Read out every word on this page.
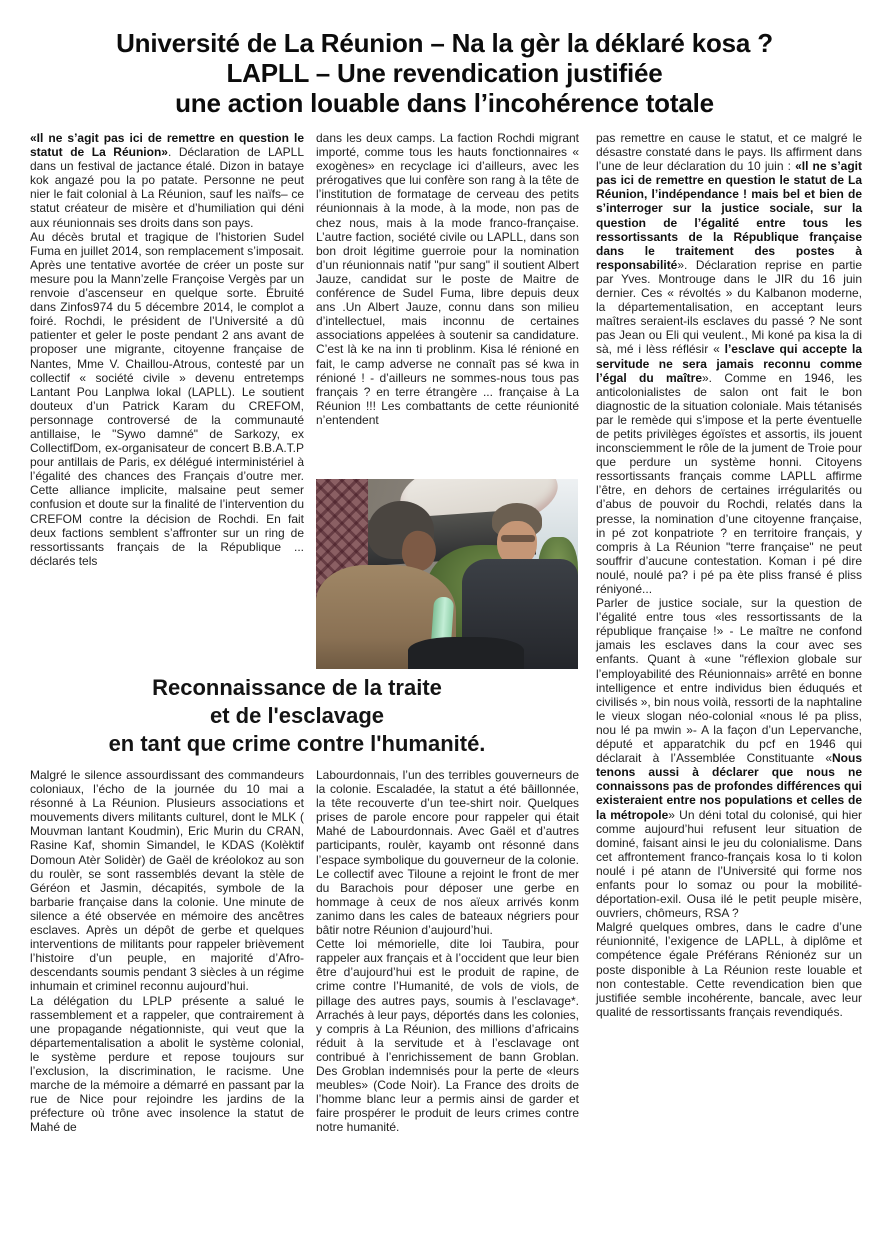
Université de La Réunion – Na la gèr la déklaré kosa ?
LAPLL – Une revendication justifiée
une action louable dans l’incohérence totale

«Il ne s’agit pas ici de remettre en question le statut de La Réunion». Déclaration de LAPLL dans un festival de jactance étalé. Dizon in bataye kok angazé pou la po patate. Personne ne peut nier le fait colonial à La Réunion, sauf les naïfs– ce statut créateur de misère et d’humiliation qui déni aux réunionnais ses droits dans son pays.

Au décès brutal et tragique de l’historien Sudel Fuma en juillet 2014, son remplacement s’imposait. Après une tentative avortée de créer un poste sur mesure pou la Mann’zelle Françoise Vergès par un renvoie d’ascenseur en quelque sorte. Ébruité dans Zinfos974 du 5 décembre 2014, le complot a foiré. Rochdi, le président de l’Université a dû patienter et geler le poste pendant 2 ans avant de proposer une migrante, citoyenne française de Nantes, Mme V. Chaillou-Atrous, contesté par un collectif « société civile » devenu entretemps Lantant Pou Lanplwa lokal (LAPLL). Le soutient douteux d’un Patrick Karam du CREFOM, personnage controversé de la communauté antillaise, le "Sywo damné" de Sarkozy, ex CollectifDom, ex-organisateur de concert B.B.A.T.P pour antillais de Paris, ex délégué interministériel à l’égalité des chances des Français d’outre mer. Cette alliance implicite, malsaine peut semer confusion et doute sur la finalité de l’intervention du CREFOM contre la décision de Rochdi. En fait deux factions semblent s’affronter sur un ring de ressortissants français de la République ... déclarés tels

dans les deux camps. La faction Rochdi migrant importé, comme tous les hauts fonctionnaires « exogènes» en recyclage ici d’ailleurs, avec les prérogatives que lui confère son rang à la tête de l’institution de formatage de cerveau des petits réunionnais à la mode, à la mode, non pas de chez nous, mais à la mode franco-française. L’autre faction, société civile ou LAPLL, dans son bon droit légitime guerroie pour la nomination d’un réunionnais natif "pur sang" il soutient Albert Jauze, candidat sur le poste de Maitre de conférence de Sudel Fuma, libre depuis deux ans .Un Albert Jauze, connu dans son milieu d’intellectuel, mais inconnu de certaines associations appelées à soutenir sa candidature. C’est là ke na inn ti problinm. Kisa lé rénioné en fait, le camp adverse ne connaît pas sé kwa in rénioné ! - d’ailleurs ne sommes-nous tous pas français ? en terre étrangère ... française à La Réunion !!! Les combattants de cette réunionité n’entendent

pas remettre en cause le statut, et ce malgré le désastre constaté dans le pays. Ils affirment dans l’une de leur déclaration du 10 juin : «Il ne s’agit pas ici de remettre en question le statut de La Réunion, l’indépendance ! mais bel et bien de s’interroger sur la justice sociale, sur la question de l’égalité entre tous les ressortissants de la République française dans le traitement des postes à responsabilité». Déclaration reprise en partie par Yves. Montrouge dans le JIR du 16 juin dernier. Ces « révoltés » du Kalbanon moderne, la départementalisation, en acceptant leurs maîtres seraient-ils esclaves du passé ? Ne sont pas Jean ou Eli qui veulent., Mi koné pa kisa la di sà, mé i lèss réflésir « l’esclave qui accepte la servitude ne sera jamais reconnu comme l’égal du maître». Comme en 1946, les anticolonialistes de salon ont fait le bon diagnostic de la situation coloniale. Mais tétanisés par le remède qui s’impose et la perte éventuelle de petits privilèges égoïstes et assortis, ils jouent inconsciemment le rôle de la jument de Troie pour que perdure un système honni. Citoyens ressortissants français comme LAPLL affirme l’être, en dehors de certaines irrégularités ou d’abus de pouvoir du Rochdi, relatés dans la presse, la nomination d’une citoyenne française, in pé zot konpatriote ? en territoire français, y compris à La Réunion "terre française" ne peut souffrir d’aucune contestation. Koman i pé dire noulé, noulé pa? i pé pa ète pliss fransé é pliss réniyoné...

Parler de justice sociale, sur la question de l’égalité entre tous «les ressortissants de la république française !» - Le maître ne confond jamais les esclaves dans la cour avec ses enfants. Quant à «une "réflexion globale sur l’employabilité des Réunionnais» arrêté en bonne intelligence et entre individus bien éduqués et civilisés », bin nous voilà, ressorti de la naphtaline le vieux slogan néo-colonial «nous lé pa pliss, nou lé pa mwin »- A la façon d’un Lepervanche, député et apparatchik du pcf en 1946 qui déclarait à l’Assemblée Constituante «Nous tenons aussi à déclarer que nous ne connaissons pas de profondes différences qui existeraient entre nos populations et celles de la métropole» Un déni total du colonisé, qui hier comme aujourd’hui refusent leur situation de dominé, faisant ainsi le jeu du colonialisme. Dans cet affrontement franco-français kosa lo ti kolon noulé i pé atann de l’Université qui forme nos enfants pour lo somaz ou pour la mobilité-déportation-exil. Ousa ilé le petit peuple misère, ouvriers, chômeurs, RSA ?

Malgré quelques ombres, dans le cadre d’une réunionnité, l’exigence de LAPLL, à diplôme et compétence égale Préférans Rénionéz sur un poste disponible à La Réunion reste louable et non contestable. Cette revendication bien que justifiée semble incohérente, bancale, avec leur qualité de ressortissants français revendiqués.

Reconnaissance de la traite
et de l'esclavage
en tant que crime contre l'humanité.

Malgré le silence assourdissant des commandeurs coloniaux, l’écho de la journée du 10 mai a résonné à La Réunion. Plusieurs associations et mouvements divers militants culturel, dont le MLK ( Mouvman lantant Koudmin), Eric Murin du CRAN, Rasine Kaf, shomin Simandel, le KDAS (Kolèktif Domoun Atèr Solidèr) de Gaël de kréolokoz au son du roulèr, se sont rassemblés devant la stèle de Géréon et Jasmin, décapités, symbole de la barbarie française dans la colonie. Une minute de silence a été observée en mémoire des ancêtres esclaves. Après un dépôt de gerbe et quelques interventions de militants pour rappeler brièvement l’histoire d’un peuple, en majorité d’Afro-descendants soumis pendant 3 siècles à un régime inhumain et criminel reconnu aujourd’hui.

La délégation du LPLP présente a salué le rassemblement et a rappeler, que contrairement à une propagande négationniste, qui veut que la départementalisation a abolit le système colonial, le système perdure et repose toujours sur l’exclusion, la discrimination, le racisme. Une marche de la mémoire a démarré en passant par la rue de Nice pour rejoindre les jardins de la préfecture où trône avec insolence la statut de Mahé de

Labourdonnais, l’un des terribles gouverneurs de la colonie. Escaladée, la statut a été bâillonnée, la tête recouverte d’un tee-shirt noir. Quelques prises de parole encore pour rappeler qui était Mahé de Labourdonnais. Avec Gaël et d’autres participants, roulèr, kayamb ont résonné dans l’espace symbolique du gouverneur de la colonie. Le collectif avec Tiloune a rejoint le front de mer du Barachois pour déposer une gerbe en hommage à ceux de nos aïeux arrivés konm zanimo dans les cales de bateaux négriers pour bâtir notre Réunion d’aujourd’hui.

Cette loi mémorielle, dite loi Taubira, pour rappeler aux français et à l’occident que leur bien être d’aujourd’hui est le produit de rapine, de crime contre l’Humanité, de vols de viols, de pillage des autres pays, soumis à l’esclavage*. Arrachés à leur pays, déportés dans les colonies, y compris à La Réunion, des millions d’africains réduit à la servitude et à l’esclavage ont contribué à l’enrichissement de bann Groblan. Des Groblan indemnisés pour la perte de «leurs meubles» (Code Noir). La France des droits de l’homme blanc leur a permis ainsi de garder et faire prospérer le produit de leurs crimes contre notre humanité.
